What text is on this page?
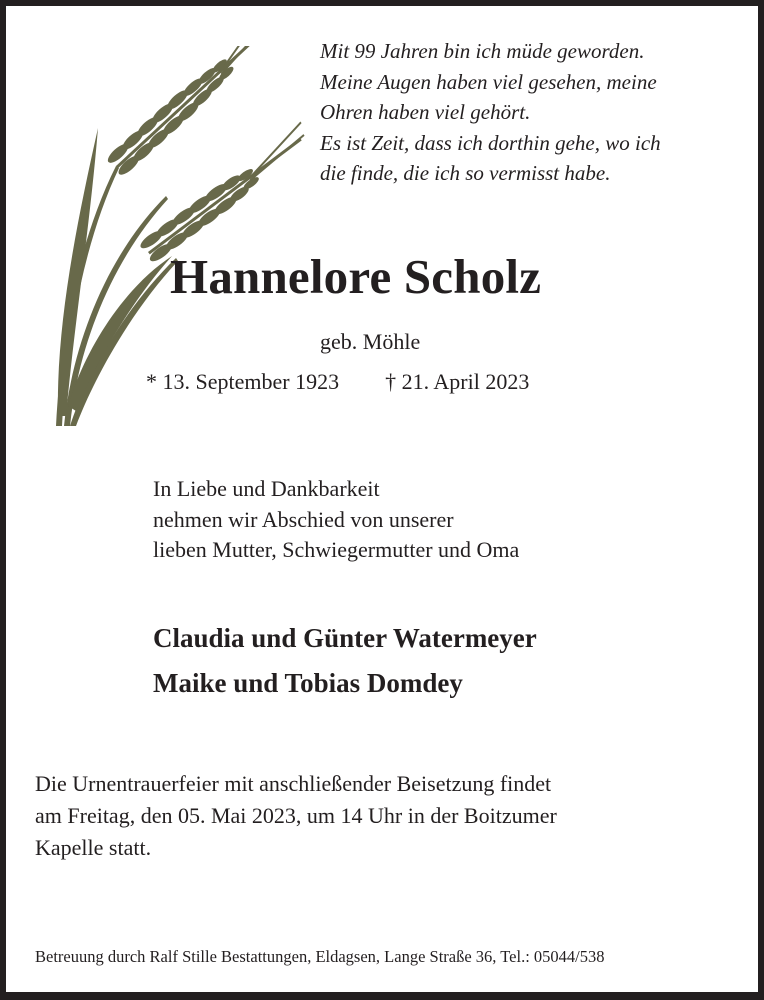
Mit 99 Jahren bin ich müde geworden.
Meine Augen haben viel gesehen, meine
Ohren haben viel gehört.
Es ist Zeit, dass ich dorthin gehe, wo ich
die finde, die ich so vermisst habe.
Hannelore Scholz
geb. Möhle
* 13. September 1923 † 21. April 2023
In Liebe und Dankbarkeit
nehmen wir Abschied von unserer
lieben Mutter, Schwiegermutter und Oma
Claudia und Günter Watermeyer
Maike und Tobias Domdey
Die Urnentrauerfeier mit anschließender Beisetzung findet
am Freitag, den 05. Mai 2023, um 14 Uhr in der Boitzumer
Kapelle statt.
Betreuung durch Ralf Stille Bestattungen, Eldagsen, Lange Straße 36, Tel.: 05044/538
